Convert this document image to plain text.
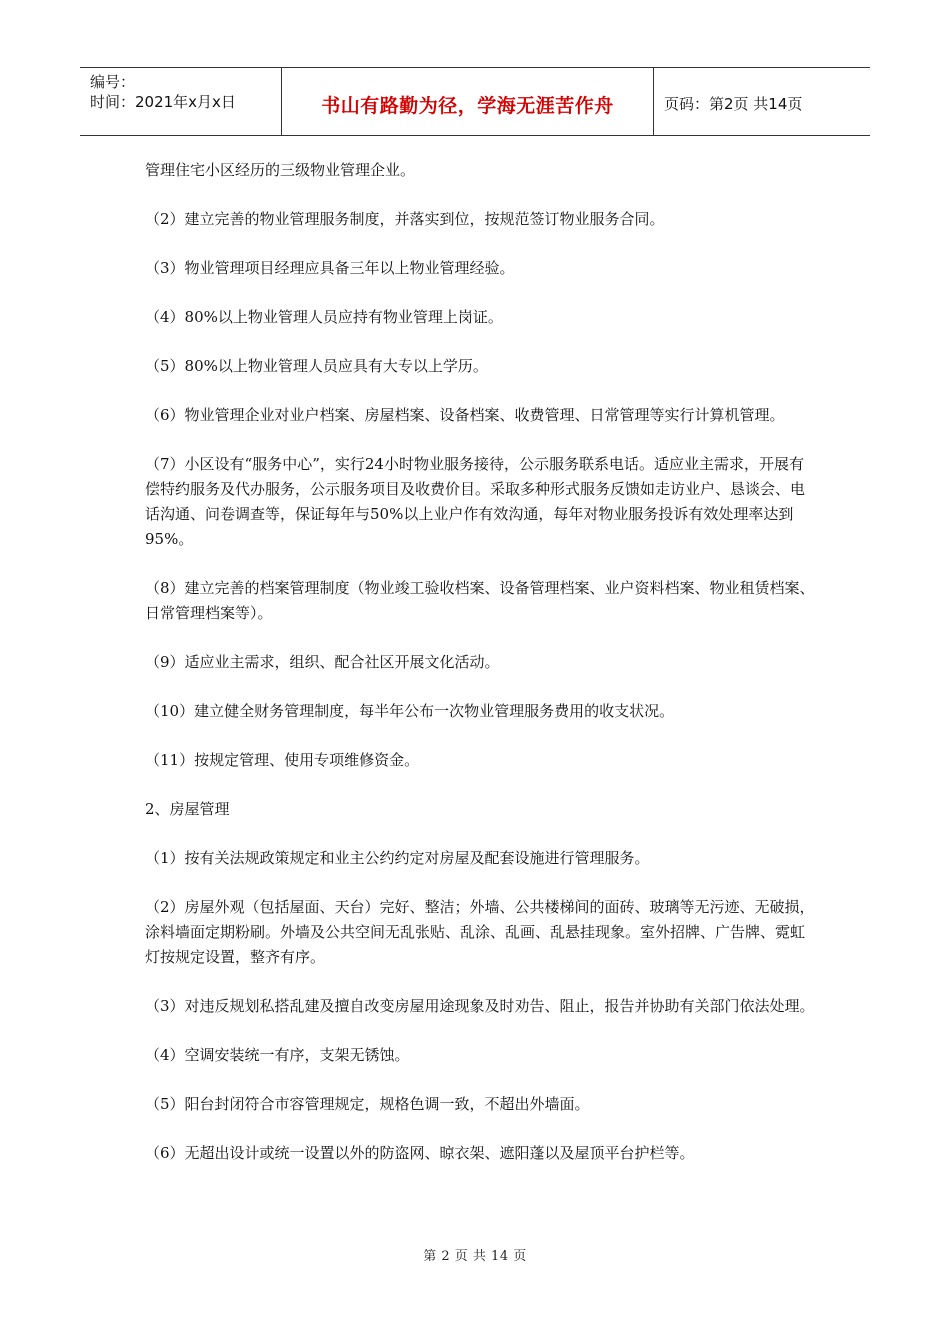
编号：
时间：2021年x月x日	书山有路勤为径，学海无涯苦作舟	页码：第2页 共14页

管理住宅小区经历的三级物业管理企业。

（2）建立完善的物业管理服务制度，并落实到位，按规范签订物业服务合同。

（3）物业管理项目经理应具备三年以上物业管理经验。

（4）80%以上物业管理人员应持有物业管理上岗证。

（5）80%以上物业管理人员应具有大专以上学历。

（6）物业管理企业对业户档案、房屋档案、设备档案、收费管理、日常管理等实行计算机管理。

（7）小区设有“服务中心”，实行24小时物业服务接待，公示服务联系电话。适应业主需求，开展有偿特约服务及代办服务，公示服务项目及收费价目。采取多种形式服务反馈如走访业户、恳谈会、电话沟通、问卷调查等，保证每年与50%以上业户作有效沟通，每年对物业服务投诉有效处理率达到95%。

（8）建立完善的档案管理制度（物业竣工验收档案、设备管理档案、业户资料档案、物业租赁档案、日常管理档案等）。

（9）适应业主需求，组织、配合社区开展文化活动。

（10）建立健全财务管理制度，每半年公布一次物业管理服务费用的收支状况。

（11）按规定管理、使用专项维修资金。

2、房屋管理

（1）按有关法规政策规定和业主公约约定对房屋及配套设施进行管理服务。

（2）房屋外观（包括屋面、天台）完好、整洁；外墙、公共楼梯间的面砖、玻璃等无污迹、无破损，涂料墙面定期粉刷。外墙及公共空间无乱张贴、乱涂、乱画、乱悬挂现象。室外招牌、广告牌、霓虹灯按规定设置，整齐有序。

（3）对违反规划私搭乱建及擅自改变房屋用途现象及时劝告、阻止，报告并协助有关部门依法处理。

（4）空调安装统一有序，支架无锈蚀。

（5）阳台封闭符合市容管理规定，规格色调一致，不超出外墙面。

（6）无超出设计或统一设置以外的防盗网、晾衣架、遮阳蓬以及屋顶平台护栏等。

第 2 页 共 14 页
